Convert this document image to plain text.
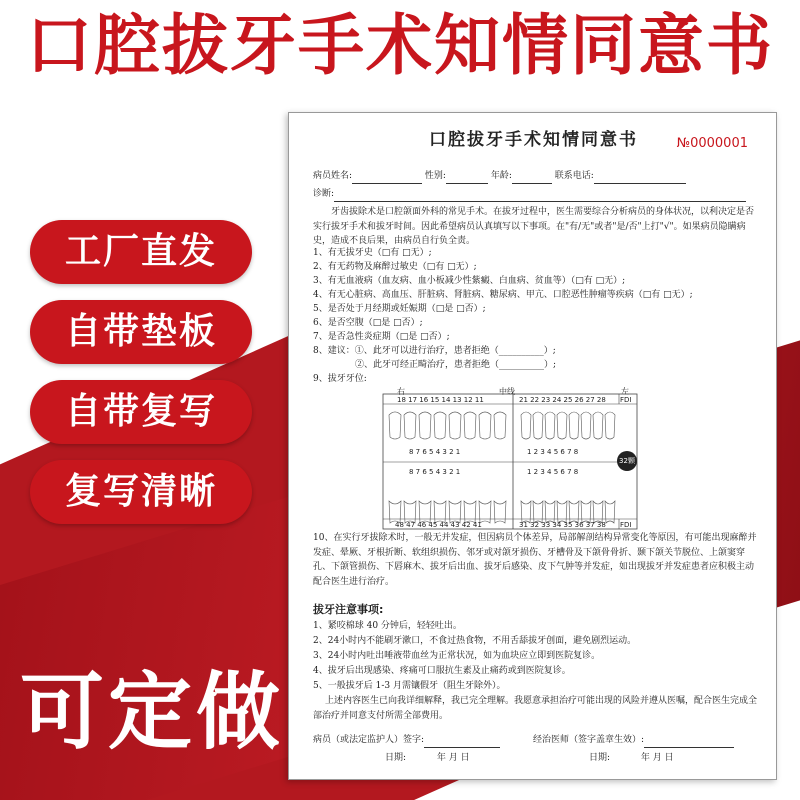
口腔拔牙手术知情同意书
工厂直发
自带垫板
自带复写
复写清晰
可定做
口腔拔牙手术知情同意书	№0000001
病员姓名:	性别:	年龄:	联系电话:
诊断:
牙齿拔除术是口腔颌面外科的常见手术。在拔牙过程中，医生需要综合分析病员的身体状况，以利决定是否实行拔牙手术和拔牙时间。因此希望病员认真填写以下事项。在"有/无"或者"是/否"上打"√"。如果病员隐瞒病史，造成不良后果，由病员自行负全责。
1、有无拔牙史（□有 □无）;
2、有无药物及麻醉过敏史（□有 □无）;
3、有无血液病（血友病、血小板减少性紫癜、白血病、贫血等）（□有 □无）;
4、有无心脏病、高血压、肝脏病、肾脏病、糖尿病、甲亢、口腔恶性肿瘤等疾病（□有 □无）;
5、是否处于月经期或妊娠期（□是 □否）;
6、是否空腹（□是 □否）;
7、是否急性炎症期（□是 □否）;
8、建议：①、此牙可以进行治疗，患者拒绝（__________）;
②、此牙可经正畸治疗，患者拒绝（__________）;
9、拔牙牙位:
右	中线	左
18 17 16 15 14 13 12 11	21 22 23 24 25 26 27 28 FDI
8 7 6 5 4 3 2 1	1 2 3 4 5 6 7 8
8 7 6 5 4 3 2 1	1 2 3 4 5 6 7 8
48 47 46 45 44 43 42 41	31 32 33 34 35 36 37 38 FDI
32颗
10、在实行牙拔除术时，一般无并发症，但因病员个体差异，局部解剖结构异常变化等原因，有可能出现麻醉并发症、晕厥、牙根折断、软组织损伤、邻牙或对颌牙损伤、牙槽骨及下颌骨骨折、颞下颌关节脱位、上颌窦穿孔、下颌管损伤、下唇麻木、拔牙后出血、拔牙后感染、皮下气肿等并发症，如出现拔牙并发症患者应积极主动配合医生进行治疗。
拔牙注意事项:
1、紧咬棉球 40 分钟后，轻轻吐出。
2、24小时内不能刷牙漱口，不食过热食物，不用舌舔拔牙创面，避免剧烈运动。
3、24小时内吐出唾液带血丝为正常状况，如为血块应立即到医院复诊。
4、拔牙后出现感染、疼痛可口服抗生素及止痛药或到医院复诊。
5、一般拔牙后 1-3 月需镶假牙（阻生牙除外）。
上述内容医生已向我详细解释，我已完全理解。我愿意承担治疗可能出现的风险并遵从医嘱，配合医生完成全部治疗并同意支付所需全部费用。
病员（或法定监护人）签字:	经治医师（签字盖章生效）:
日期:	年 月 日	日期:	年 月 日
